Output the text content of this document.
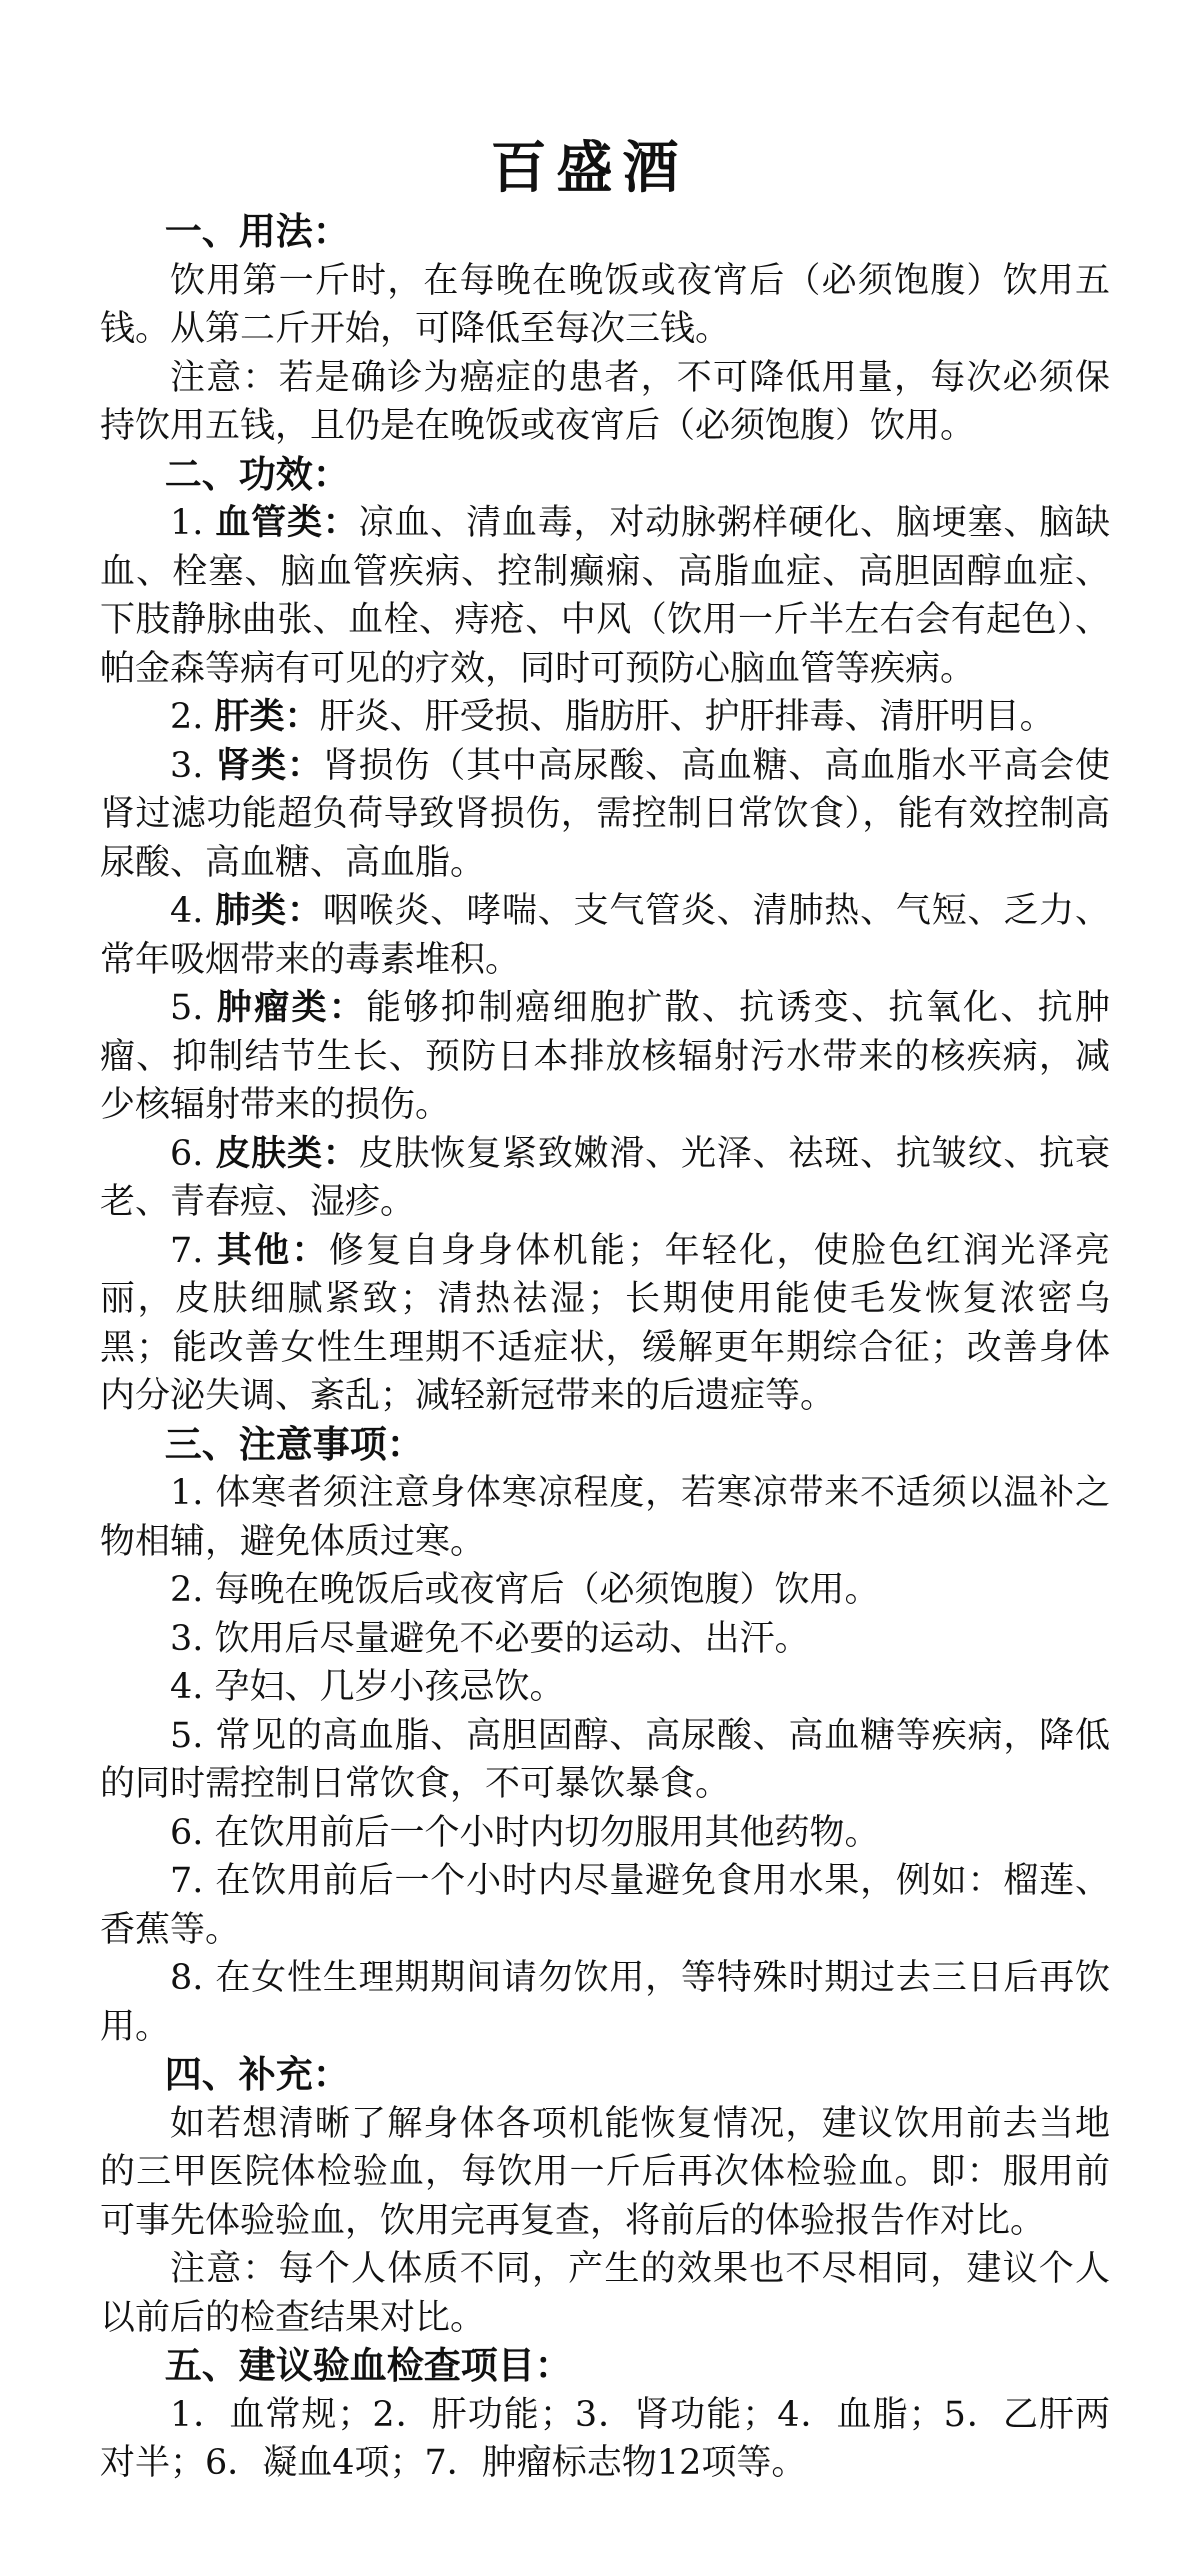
百盛酒
一、用法：

饮用第一斤时，在每晚在晚饭或夜宵后（必须饱腹）饮用五钱。从第二斤开始，可降低至每次三钱。

注意：若是确诊为癌症的患者，不可降低用量，每次必须保持饮用五钱，且仍是在晚饭或夜宵后（必须饱腹）饮用。

二、功效：

1. 血管类：凉血、清血毒，对动脉粥样硬化、脑埂塞、脑缺血、栓塞、脑血管疾病、控制癫痫、高脂血症、高胆固醇血症、下肢静脉曲张、血栓、痔疮、中风（饮用一斤半左右会有起色）、帕金森等病有可见的疗效，同时可预防心脑血管等疾病。

2. 肝类：肝炎、肝受损、脂肪肝、护肝排毒、清肝明目。

3. 肾类：肾损伤（其中高尿酸、高血糖、高血脂水平高会使肾过滤功能超负荷导致肾损伤，需控制日常饮食），能有效控制高尿酸、高血糖、高血脂。

4. 肺类：咽喉炎、哮喘、支气管炎、清肺热、气短、乏力、常年吸烟带来的毒素堆积。

5. 肿瘤类：能够抑制癌细胞扩散、抗诱变、抗氧化、抗肿瘤、抑制结节生长、预防日本排放核辐射污水带来的核疾病，减少核辐射带来的损伤。

6. 皮肤类：皮肤恢复紧致嫩滑、光泽、祛斑、抗皱纹、抗衰老、青春痘、湿疹。

7. 其他：修复自身身体机能；年轻化，使脸色红润光泽亮丽，皮肤细腻紧致；清热祛湿；长期使用能使毛发恢复浓密乌黑；能改善女性生理期不适症状，缓解更年期综合征；改善身体内分泌失调、紊乱；减轻新冠带来的后遗症等。

三、注意事项：

1. 体寒者须注意身体寒凉程度，若寒凉带来不适须以温补之物相辅，避免体质过寒。

2. 每晚在晚饭后或夜宵后（必须饱腹）饮用。

3. 饮用后尽量避免不必要的运动、出汗。

4. 孕妇、几岁小孩忌饮。

5. 常见的高血脂、高胆固醇、高尿酸、高血糖等疾病，降低的同时需控制日常饮食，不可暴饮暴食。

6. 在饮用前后一个小时内切勿服用其他药物。

7. 在饮用前后一个小时内尽量避免食用水果，例如：榴莲、香蕉等。

8. 在女性生理期期间请勿饮用，等特殊时期过去三日后再饮用。

四、补充：

如若想清晰了解身体各项机能恢复情况，建议饮用前去当地的三甲医院体检验血，每饮用一斤后再次体检验血。即：服用前可事先体验验血，饮用完再复查，将前后的体验报告作对比。

注意：每个人体质不同，产生的效果也不尽相同，建议个人以前后的检查结果对比。

五、建议验血检查项目：

1．血常规；2．肝功能；3．肾功能；4．血脂；5．乙肝两对半；6．凝血4项；7．肿瘤标志物12项等。
